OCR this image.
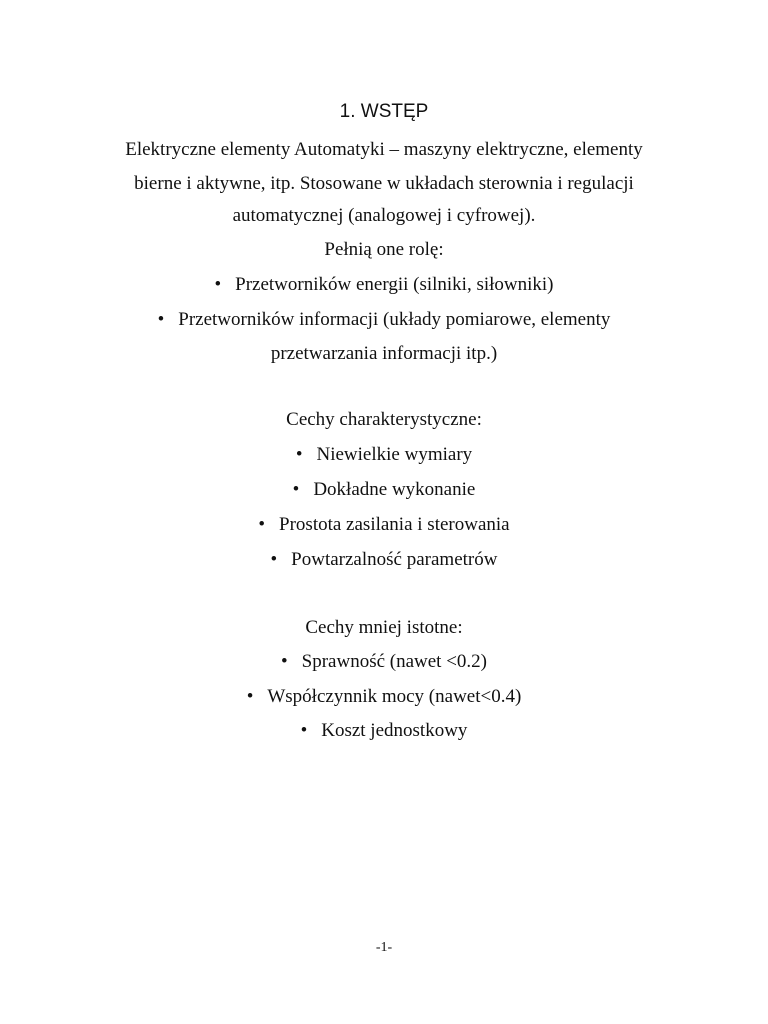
1. WSTĘP
Elektryczne elementy Automatyki – maszyny elektryczne, elementy
bierne i aktywne, itp. Stosowane w układach sterownia i regulacji
automatycznej (analogowej i cyfrowej).
Pełnią one rolę:
• Przetworników energii (silniki, siłowniki)
• Przetworników informacji (układy pomiarowe, elementy
przetwarzania informacji itp.)
Cechy charakterystyczne:
• Niewielkie wymiary
• Dokładne wykonanie
• Prostota zasilania i sterowania
• Powtarzalność parametrów
Cechy mniej istotne:
• Sprawność (nawet <0.2)
• Współczynnik mocy (nawet<0.4)
• Koszt jednostkowy
-1-
